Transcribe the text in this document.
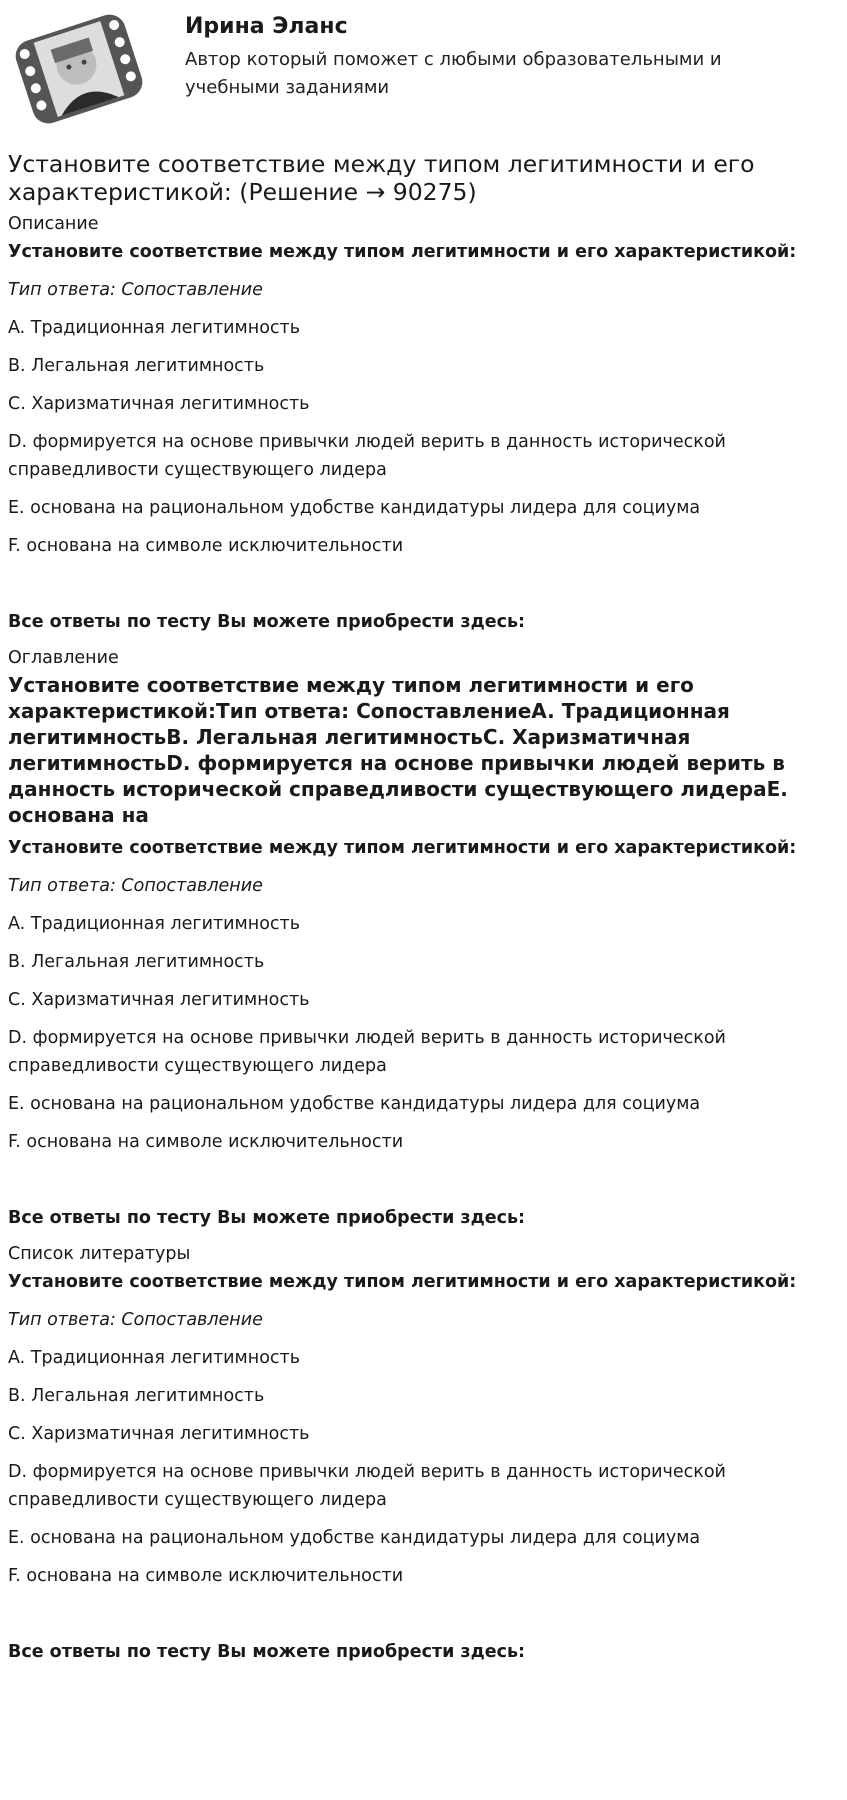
Ирина Эланс
Автор который поможет с любыми образовательными и учебными заданиями
Установите соответствие между типом легитимности и его характеристикой: (Решение → 90275)
Описание
Установите соответствие между типом легитимности и его характеристикой:
Тип ответа: Сопоставление
A. Традиционная легитимность
B. Легальная легитимность
C. Харизматичная легитимность
D. формируется на основе привычки людей верить в данность исторической справедливости существующего лидера
E. основана на рациональном удобстве кандидатуры лидера для социума
F. основана на символе исключительности
Все ответы по тесту Вы можете приобрести здесь:
Оглавление
Установите соответствие между типом легитимности и его характеристикой:Тип ответа: СопоставлениеA. Традиционная легитимностьB. Легальная легитимностьC. Харизматичная легитимностьD. формируется на основе привычки людей верить в данность исторической справедливости существующего лидераE. основана на
Установите соответствие между типом легитимности и его характеристикой:
Тип ответа: Сопоставление
A. Традиционная легитимность
B. Легальная легитимность
C. Харизматичная легитимность
D. формируется на основе привычки людей верить в данность исторической справедливости существующего лидера
E. основана на рациональном удобстве кандидатуры лидера для социума
F. основана на символе исключительности
Все ответы по тесту Вы можете приобрести здесь:
Список литературы
Установите соответствие между типом легитимности и его характеристикой:
Тип ответа: Сопоставление
A. Традиционная легитимность
B. Легальная легитимность
C. Харизматичная легитимность
D. формируется на основе привычки людей верить в данность исторической справедливости существующего лидера
E. основана на рациональном удобстве кандидатуры лидера для социума
F. основана на символе исключительности
Все ответы по тесту Вы можете приобрести здесь:
